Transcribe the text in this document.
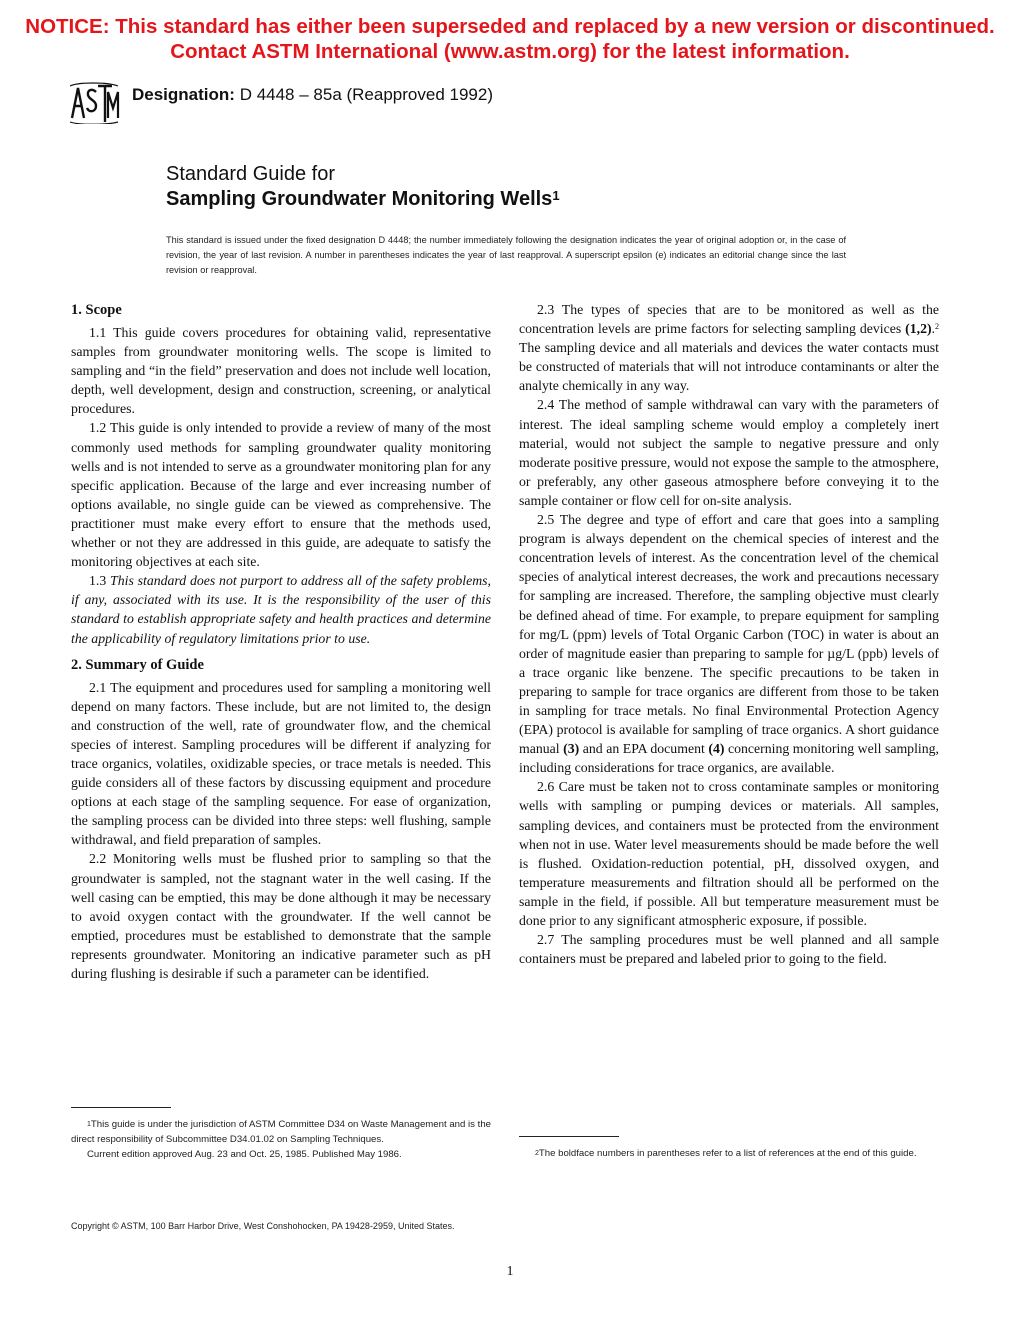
NOTICE: This standard has either been superseded and replaced by a new version or discontinued.
Contact ASTM International (www.astm.org) for the latest information.
Designation: D 4448 – 85a (Reapproved 1992)
Standard Guide for
Sampling Groundwater Monitoring Wells$^1$
This standard is issued under the fixed designation D 4448; the number immediately following the designation indicates the year of original adoption or, in the case of revision, the year of last revision. A number in parentheses indicates the year of last reapproval. A superscript epsilon (e) indicates an editorial change since the last revision or reapproval.
1. Scope

1.1 This guide covers procedures for obtaining valid, representative samples from groundwater monitoring wells. The scope is limited to sampling and “in the field” preservation and does not include well location, depth, well development, design and construction, screening, or analytical procedures.

1.2 This guide is only intended to provide a review of many of the most commonly used methods for sampling groundwater quality monitoring wells and is not intended to serve as a groundwater monitoring plan for any specific application. Because of the large and ever increasing number of options available, no single guide can be viewed as comprehensive. The practitioner must make every effort to ensure that the methods used, whether or not they are addressed in this guide, are adequate to satisfy the monitoring objectives at each site.

1.3 This standard does not purport to address all of the safety problems, if any, associated with its use. It is the responsibility of the user of this standard to establish appropriate safety and health practices and determine the applicability of regulatory limitations prior to use.

2. Summary of Guide

2.1 The equipment and procedures used for sampling a monitoring well depend on many factors. These include, but are not limited to, the design and construction of the well, rate of groundwater flow, and the chemical species of interest. Sampling procedures will be different if analyzing for trace organics, volatiles, oxidizable species, or trace metals is needed. This guide considers all of these factors by discussing equipment and procedure options at each stage of the sampling sequence. For ease of organization, the sampling process can be divided into three steps: well flushing, sample withdrawal, and field preparation of samples.

2.2 Monitoring wells must be flushed prior to sampling so that the groundwater is sampled, not the stagnant water in the well casing. If the well casing can be emptied, this may be done although it may be necessary to avoid oxygen contact with the groundwater. If the well cannot be emptied, procedures must be established to demonstrate that the sample represents groundwater. Monitoring an indicative parameter such as pH during flushing is desirable if such a parameter can be identified.

2.3 The types of species that are to be monitored as well as the concentration levels are prime factors for selecting sampling devices (1,2).$^2$ The sampling device and all materials and devices the water contacts must be constructed of materials that will not introduce contaminants or alter the analyte chemically in any way.

2.4 The method of sample withdrawal can vary with the parameters of interest. The ideal sampling scheme would employ a completely inert material, would not subject the sample to negative pressure and only moderate positive pressure, would not expose the sample to the atmosphere, or preferably, any other gaseous atmosphere before conveying it to the sample container or flow cell for on-site analysis.

2.5 The degree and type of effort and care that goes into a sampling program is always dependent on the chemical species of interest and the concentration levels of interest. As the concentration level of the chemical species of analytical interest decreases, the work and precautions necessary for sampling are increased. Therefore, the sampling objective must clearly be defined ahead of time. For example, to prepare equipment for sampling for mg/L (ppm) levels of Total Organic Carbon (TOC) in water is about an order of magnitude easier than preparing to sample for µg/L (ppb) levels of a trace organic like benzene. The specific precautions to be taken in preparing to sample for trace organics are different from those to be taken in sampling for trace metals. No final Environmental Protection Agency (EPA) protocol is available for sampling of trace organics. A short guidance manual (3) and an EPA document (4) concerning monitoring well sampling, including considerations for trace organics, are available.

2.6 Care must be taken not to cross contaminate samples or monitoring wells with sampling or pumping devices or materials. All samples, sampling devices, and containers must be protected from the environment when not in use. Water level measurements should be made before the well is flushed. Oxidation-reduction potential, pH, dissolved oxygen, and temperature measurements and filtration should all be performed on the sample in the field, if possible. All but temperature measurement must be done prior to any significant atmospheric exposure, if possible.

2.7 The sampling procedures must be well planned and all sample containers must be prepared and labeled prior to going to the field.

$^1$This guide is under the jurisdiction of ASTM Committee D34 on Waste Management and is the direct responsibility of Subcommittee D34.01.02 on Sampling Techniques.

Current edition approved Aug. 23 and Oct. 25, 1985. Published May 1986.	$^2$The boldface numbers in parentheses refer to a list of references at the end of this guide.

Copyright © ASTM, 100 Barr Harbor Drive, West Conshohocken, PA 19428-2959, United States.
1
